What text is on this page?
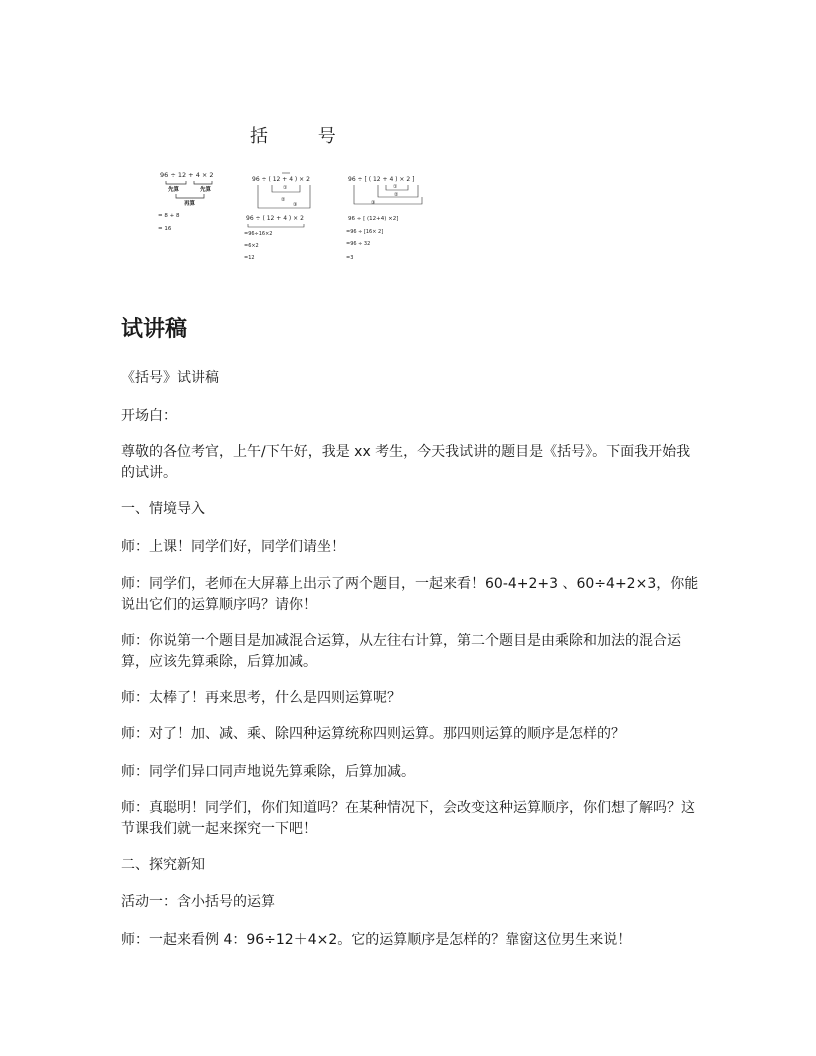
括 号
96 ÷ 12 + 4 × 2
先算	先算
再算
= 8 + 8
= 16
96 ÷ ( 12 + 4 ) × 2
①
②
③
96 ÷ ( 12 + 4 ) × 2
=96÷16×2
=6×2
=12
96 ÷ [ ( 12 + 4 ) × 2 ]
①
②
③
96 ÷ [ (12+4) ×2]
=96 ÷ [16× 2]
=96 ÷ 32
=3
试讲稿
《括号》试讲稿
开场白：
尊敬的各位考官，上午/下午好，我是 xx 考生，今天我试讲的题目是《括号》。下面我开始我的试讲。
一、情境导入
师：上课！同学们好，同学们请坐！
师：同学们，老师在大屏幕上出示了两个题目，一起来看！60-4+2+3 、60÷4+2×3，你能说出它们的运算顺序吗？请你！
师：你说第一个题目是加减混合运算，从左往右计算，第二个题目是由乘除和加法的混合运算，应该先算乘除，后算加减。
师：太棒了！再来思考，什么是四则运算呢？
师：对了！加、减、乘、除四种运算统称四则运算。那四则运算的顺序是怎样的？
师：同学们异口同声地说先算乘除，后算加减。
师：真聪明！同学们，你们知道吗？在某种情况下，会改变这种运算顺序，你们想了解吗？这节课我们就一起来探究一下吧！
二、探究新知
活动一：含小括号的运算
师：一起来看例 4：96÷12＋4×2。它的运算顺序是怎样的？靠窗这位男生来说！
